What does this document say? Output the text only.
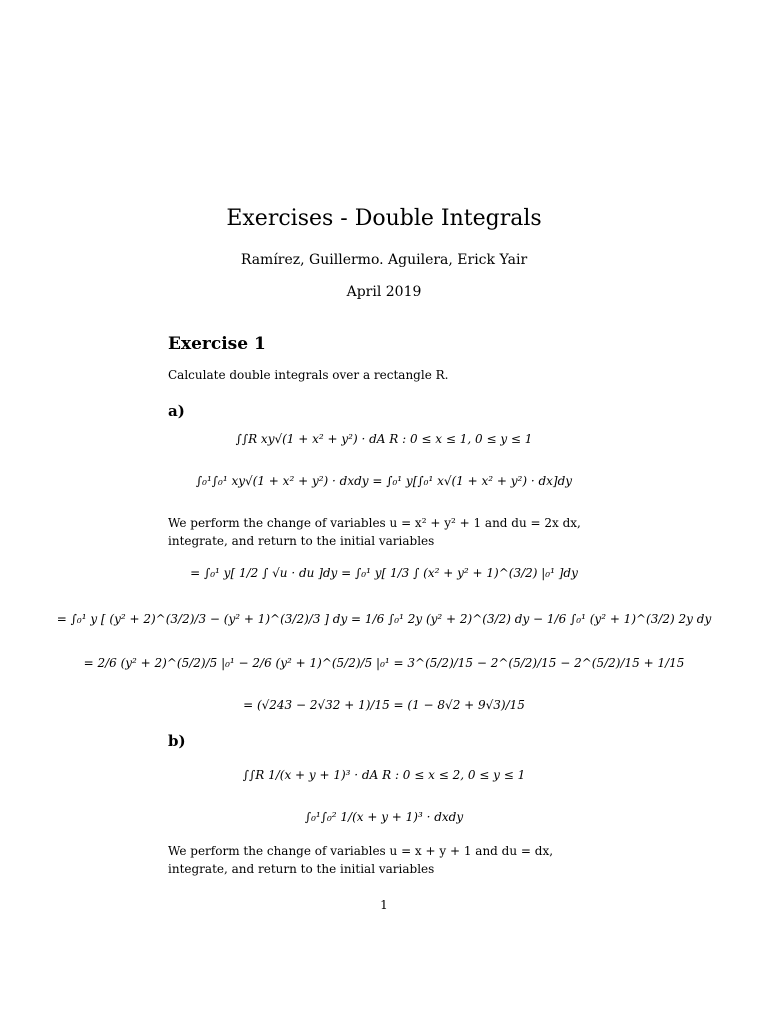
Exercises - Double Integrals
Ramírez, Guillermo. Aguilera, Erick Yair
April 2019
Exercise 1
Calculate double integrals over a rectangle R.
a)
∫∫R xy√(1 + x² + y²) · dA R : 0 ≤ x ≤ 1, 0 ≤ y ≤ 1
∫₀¹∫₀¹ xy√(1 + x² + y²) · dxdy = ∫₀¹ y[∫₀¹ x√(1 + x² + y²) · dx]dy
We perform the change of variables u = x² + y² + 1 and du = 2x dx, integrate, and return to the initial variables
= ∫₀¹ y[ 1/2 ∫ √u · du ]dy = ∫₀¹ y[ 1/3 ∫ (x² + y² + 1)^(3/2) |₀¹ ]dy
= ∫₀¹ y [ (y² + 2)^(3/2)/3 − (y² + 1)^(3/2)/3 ] dy = 1/6 ∫₀¹ 2y (y² + 2)^(3/2) dy − 1/6 ∫₀¹ (y² + 1)^(3/2) 2y dy
= 2/6 (y² + 2)^(5/2)/5 |₀¹ − 2/6 (y² + 1)^(5/2)/5 |₀¹ = 3^(5/2)/15 − 2^(5/2)/15 − 2^(5/2)/15 + 1/15
= (√243 − 2√32 + 1)/15 = (1 − 8√2 + 9√3)/15
b)
∫∫R 1/(x + y + 1)³ · dA R : 0 ≤ x ≤ 2, 0 ≤ y ≤ 1
∫₀¹∫₀² 1/(x + y + 1)³ · dxdy
We perform the change of variables u = x + y + 1 and du = dx, integrate, and return to the initial variables
1
